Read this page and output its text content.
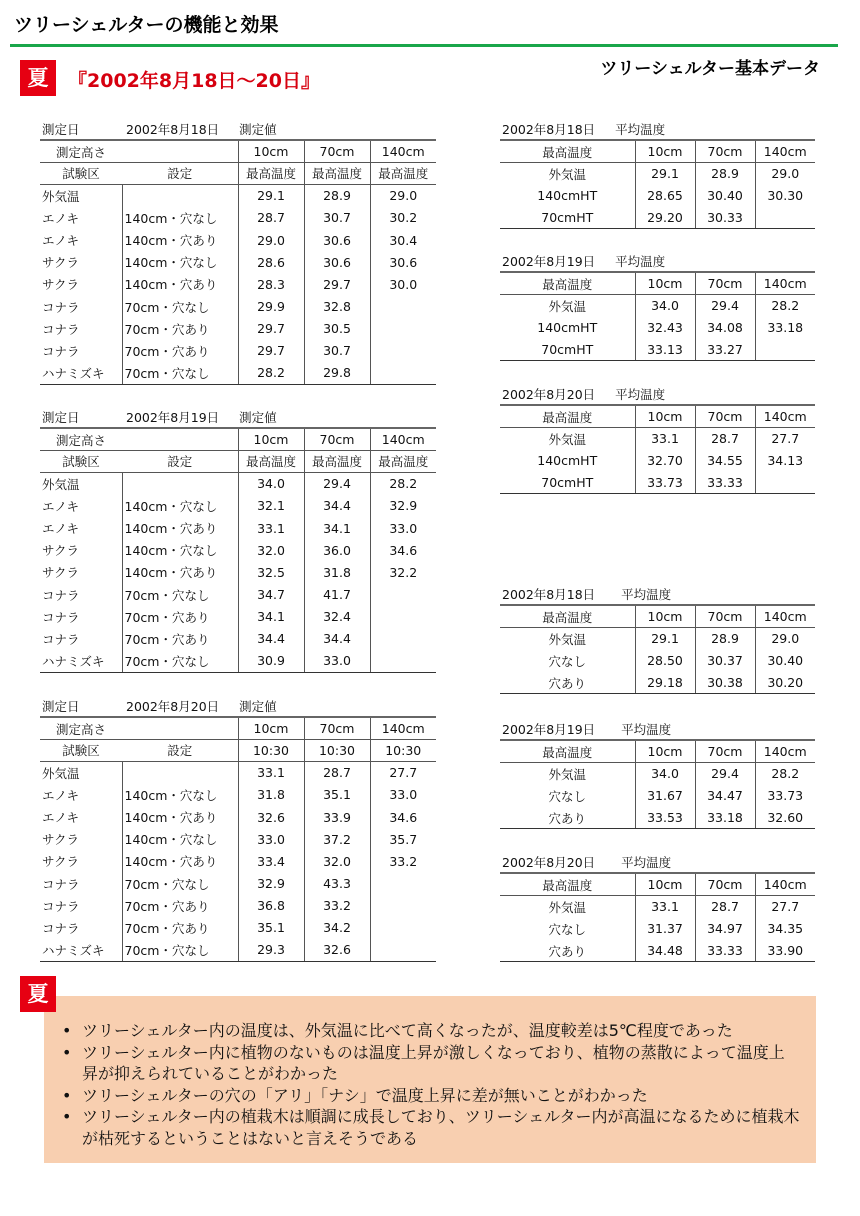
ツリーシェルターの機能と効果
ツリーシェルター基本データ
夏	『2002年8月18日～20日』
測定日	2002年8月18日 測定値			
測定高さ		10cm	70cm	140cm
試験区	設定	最高温度	最高温度	最高温度
外気温		29.1	28.9	29.0
エノキ	140cm・穴なし	28.7	30.7	30.2
エノキ	140cm・穴あり	29.0	30.6	30.4
サクラ	140cm・穴なし	28.6	30.6	30.6
サクラ	140cm・穴あり	28.3	29.7	30.0
コナラ	70cm・穴なし	29.9	32.8	
コナラ	70cm・穴あり	29.7	30.5	
コナラ	70cm・穴あり	29.7	30.7	
ハナミズキ	70cm・穴なし	28.2	29.8	
測定日	2002年8月19日 測定値			
測定高さ		10cm	70cm	140cm
試験区	設定	最高温度	最高温度	最高温度
外気温		34.0	29.4	28.2
エノキ	140cm・穴なし	32.1	34.4	32.9
エノキ	140cm・穴あり	33.1	34.1	33.0
サクラ	140cm・穴なし	32.0	36.0	34.6
サクラ	140cm・穴あり	32.5	31.8	32.2
コナラ	70cm・穴なし	34.7	41.7	
コナラ	70cm・穴あり	34.1	32.4	
コナラ	70cm・穴あり	34.4	34.4	
ハナミズキ	70cm・穴なし	30.9	33.0	
測定日	2002年8月20日 測定値			
測定高さ		10cm	70cm	140cm
試験区	設定	10:30	10:30	10:30
外気温		33.1	28.7	27.7
エノキ	140cm・穴なし	31.8	35.1	33.0
エノキ	140cm・穴あり	32.6	33.9	34.6
サクラ	140cm・穴なし	33.0	37.2	35.7
サクラ	140cm・穴あり	33.4	32.0	33.2
コナラ	70cm・穴なし	32.9	43.3	
コナラ	70cm・穴あり	36.8	33.2	
コナラ	70cm・穴あり	35.1	34.2	
ハナミズキ	70cm・穴なし	29.3	32.6	
2002年8月18日 平均温度			
最高温度	10cm	70cm	140cm
外気温	29.1	28.9	29.0
140cmHT	28.65	30.40	30.30
70cmHT	29.20	30.33	
2002年8月19日 平均温度			
最高温度	10cm	70cm	140cm
外気温	34.0	29.4	28.2
140cmHT	32.43	34.08	33.18
70cmHT	33.13	33.27	
2002年8月20日 平均温度			
最高温度	10cm	70cm	140cm
外気温	33.1	28.7	27.7
140cmHT	32.70	34.55	34.13
70cmHT	33.73	33.33	
2002年8月18日 平均温度			
最高温度	10cm	70cm	140cm
外気温	29.1	28.9	29.0
穴なし	28.50	30.37	30.40
穴あり	29.18	30.38	30.20
2002年8月19日 平均温度			
最高温度	10cm	70cm	140cm
外気温	34.0	29.4	28.2
穴なし	31.67	34.47	33.73
穴あり	33.53	33.18	32.60
2002年8月20日 平均温度			
最高温度	10cm	70cm	140cm
外気温	33.1	28.7	27.7
穴なし	31.37	34.97	34.35
穴あり	34.48	33.33	33.90
• ツリーシェルター内の温度は、外気温に比べて高くなったが、温度較差は5℃程度であった
• ツリーシェルター内に植物のないものは温度上昇が激しくなっており、植物の蒸散によって温度上昇が抑えられていることがわかった
• ツリーシェルターの穴の「アリ」「ナシ」で温度上昇に差が無いことがわかった
• ツリーシェルター内の植栽木は順調に成長しており、ツリーシェルター内が高温になるために植栽木が枯死するということはないと言えそうである
夏
